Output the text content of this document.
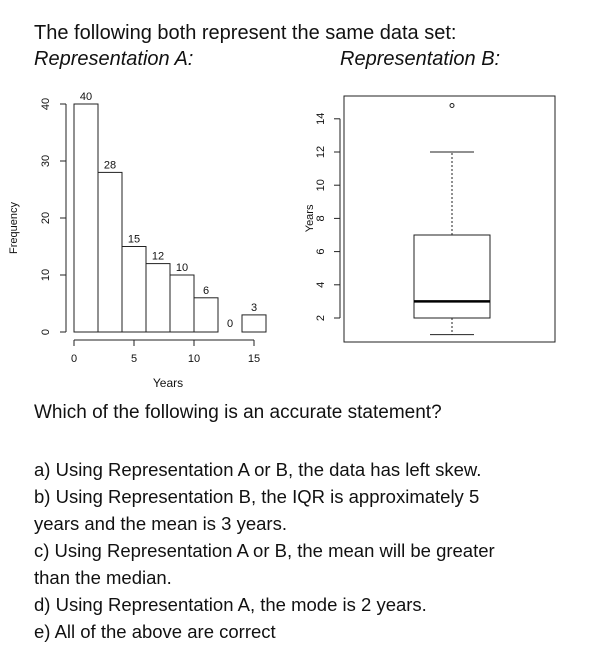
The following both represent the same data set:
Representation A:	Representation B:
40
28
15
12
10
6
0
3
0
10
20
30
40
Frequency
0	5	10	15
Years
2
4
6
8
10
12
14
Years
Which of the following is an accurate statement?
a) Using Representation A or B, the data has left skew.
b) Using Representation B, the IQR is approximately 5
years and the mean is 3 years.
c) Using Representation A or B, the mean will be greater
than the median.
d) Using Representation A, the mode is 2 years.
e) All of the above are correct
